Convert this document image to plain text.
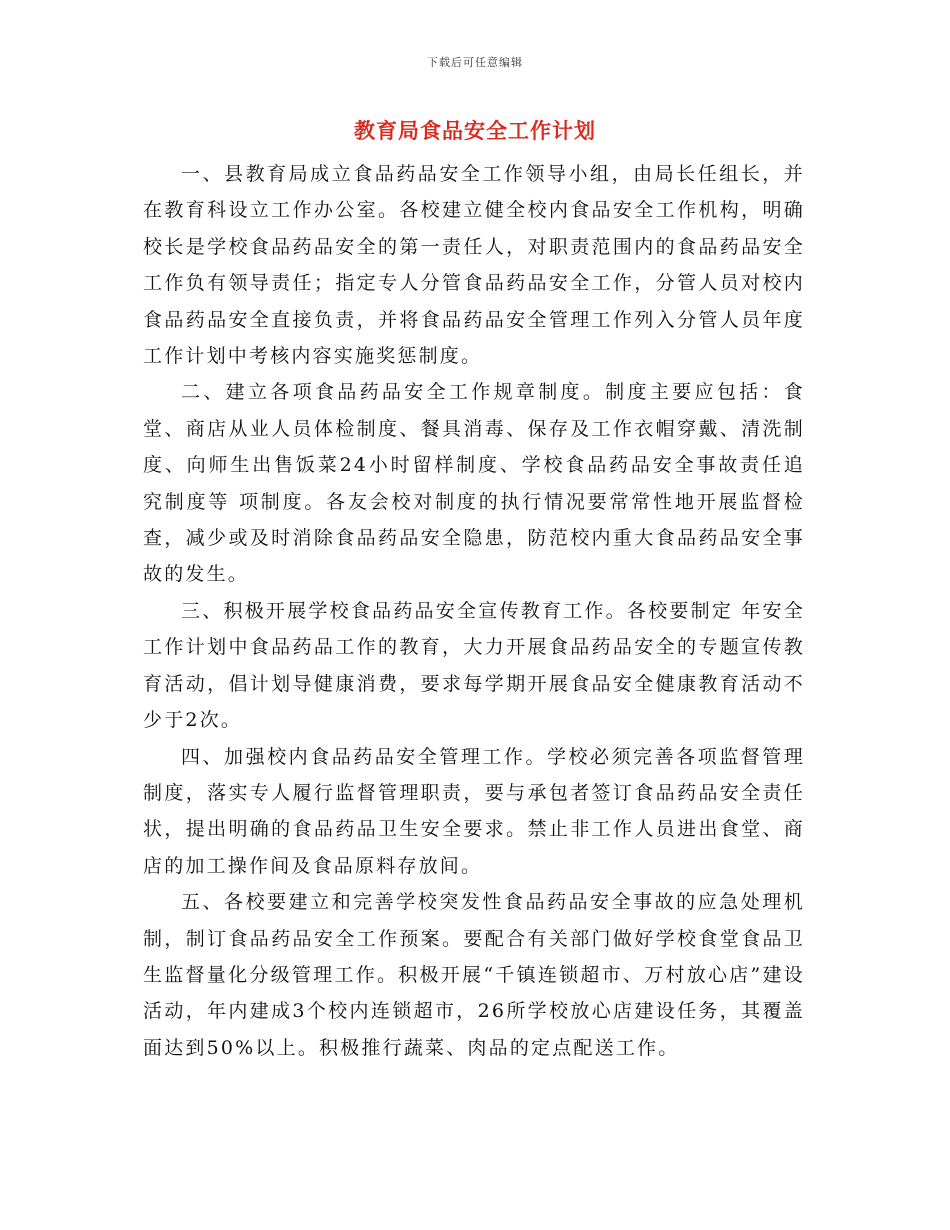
下载后可任意编辑
教育局食品安全工作计划

一、县教育局成立食品药品安全工作领导小组，由局长任组长，并在教育科设立工作办公室。各校建立健全校内食品安全工作机构，明确校长是学校食品药品安全的第一责任人，对职责范围内的食品药品安全工作负有领导责任；指定专人分管食品药品安全工作，分管人员对校内食品药品安全直接负责，并将食品药品安全管理工作列入分管人员年度工作计划中考核内容实施奖惩制度。

二、建立各项食品药品安全工作规章制度。制度主要应包括：食堂、商店从业人员体检制度、餐具消毒、保存及工作衣帽穿戴、清洗制度、向师生出售饭菜24小时留样制度、学校食品药品安全事故责任追究制度等 项制度。各友会校对制度的执行情况要常常性地开展监督检查，减少或及时消除食品药品安全隐患，防范校内重大食品药品安全事故的发生。

三、积极开展学校食品药品安全宣传教育工作。各校要制定 年安全工作计划中食品药品工作的教育，大力开展食品药品安全的专题宣传教育活动，倡计划导健康消费，要求每学期开展食品安全健康教育活动不少于2次。

四、加强校内食品药品安全管理工作。学校必须完善各项监督管理制度，落实专人履行监督管理职责，要与承包者签订食品药品安全责任状，提出明确的食品药品卫生安全要求。禁止非工作人员进出食堂、商店的加工操作间及食品原料存放间。

五、各校要建立和完善学校突发性食品药品安全事故的应急处理机制，制订食品药品安全工作预案。要配合有关部门做好学校食堂食品卫生监督量化分级管理工作。积极开展“千镇连锁超市、万村放心店”建设活动，年内建成3个校内连锁超市，26所学校放心店建设任务，其覆盖面达到50%以上。积极推行蔬菜、肉品的定点配送工作。
